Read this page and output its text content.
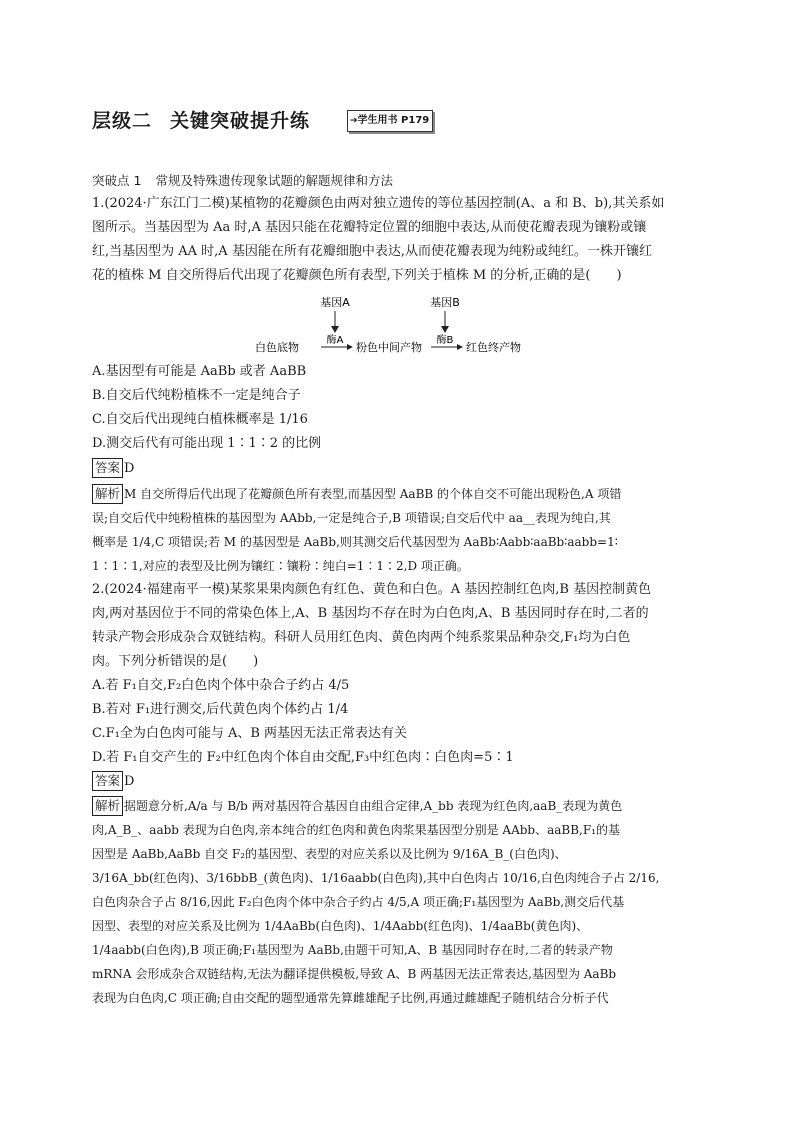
层级二 关键突破提升练	➔学生用书 P179
突破点 1 常规及特殊遗传现象试题的解题规律和方法
1.(2024·广东江门二模)某植物的花瓣颜色由两对独立遗传的等位基因控制(A、a 和 B、b),其关系如
图所示。当基因型为 Aa 时,A 基因只能在花瓣特定位置的细胞中表达,从而使花瓣表现为镶粉或镶
红,当基因型为 AA 时,A 基因能在所有花瓣细胞中表达,从而使花瓣表现为纯粉或纯红。一株开镶红
花的植株 M 自交所得后代出现了花瓣颜色所有表型,下列关于植株 M 的分析,正确的是(　　)
基因A	基因B
白色底物
酶A
粉色中间产物
酶B
红色终产物
A.基因型有可能是 AaBb 或者 AaBB
B.自交后代纯粉植株不一定是纯合子
C.自交后代出现纯白植株概率是 1/16
D.测交后代有可能出现 1∶1∶2 的比例
答案 D
解析 M 自交所得后代出现了花瓣颜色所有表型,而基因型 AaBB 的个体自交不可能出现粉色,A 项错
误;自交后代中纯粉植株的基因型为 AAbb,一定是纯合子,B 项错误;自交后代中 aa__表现为纯白,其
概率是 1/4,C 项错误;若 M 的基因型是 AaBb,则其测交后代基因型为 AaBb∶Aabb∶aaBb∶aabb=1∶
1∶1∶1,对应的表型及比例为镶红∶镶粉∶纯白=1∶1∶2,D 项正确。
2.(2024·福建南平一模)某浆果果肉颜色有红色、黄色和白色。A 基因控制红色肉,B 基因控制黄色
肉,两对基因位于不同的常染色体上,A、B 基因均不存在时为白色肉,A、B 基因同时存在时,二者的
转录产物会形成杂合双链结构。科研人员用红色肉、黄色肉两个纯系浆果品种杂交,F₁均为白色
肉。下列分析错误的是(　　)
A.若 F₁自交,F₂白色肉个体中杂合子约占 4/5
B.若对 F₁进行测交,后代黄色肉个体约占 1/4
C.F₁全为白色肉可能与 A、B 两基因无法正常表达有关
D.若 F₁自交产生的 F₂中红色肉个体自由交配,F₃中红色肉∶白色肉=5∶1
答案 D
解析 据题意分析,A/a 与 B/b 两对基因符合基因自由组合定律,A_bb 表现为红色肉,aaB_表现为黄色
肉,A_B_、aabb 表现为白色肉,亲本纯合的红色肉和黄色肉浆果基因型分别是 AAbb、aaBB,F₁的基
因型是 AaBb,AaBb 自交 F₂的基因型、表型的对应关系以及比例为 9/16A_B_(白色肉)、
3/16A_bb(红色肉)、3/16bbB_(黄色肉)、1/16aabb(白色肉),其中白色肉占 10/16,白色肉纯合子占 2/16,
白色肉杂合子占 8/16,因此 F₂白色肉个体中杂合子约占 4/5,A 项正确;F₁基因型为 AaBb,测交后代基
因型、表型的对应关系及比例为 1/4AaBb(白色肉)、1/4Aabb(红色肉)、1/4aaBb(黄色肉)、
1/4aabb(白色肉),B 项正确;F₁基因型为 AaBb,由题干可知,A、B 基因同时存在时,二者的转录产物
mRNA 会形成杂合双链结构,无法为翻译提供模板,导致 A、B 两基因无法正常表达,基因型为 AaBb
表现为白色肉,C 项正确;自由交配的题型通常先算雌雄配子比例,再通过雌雄配子随机结合分析子代
